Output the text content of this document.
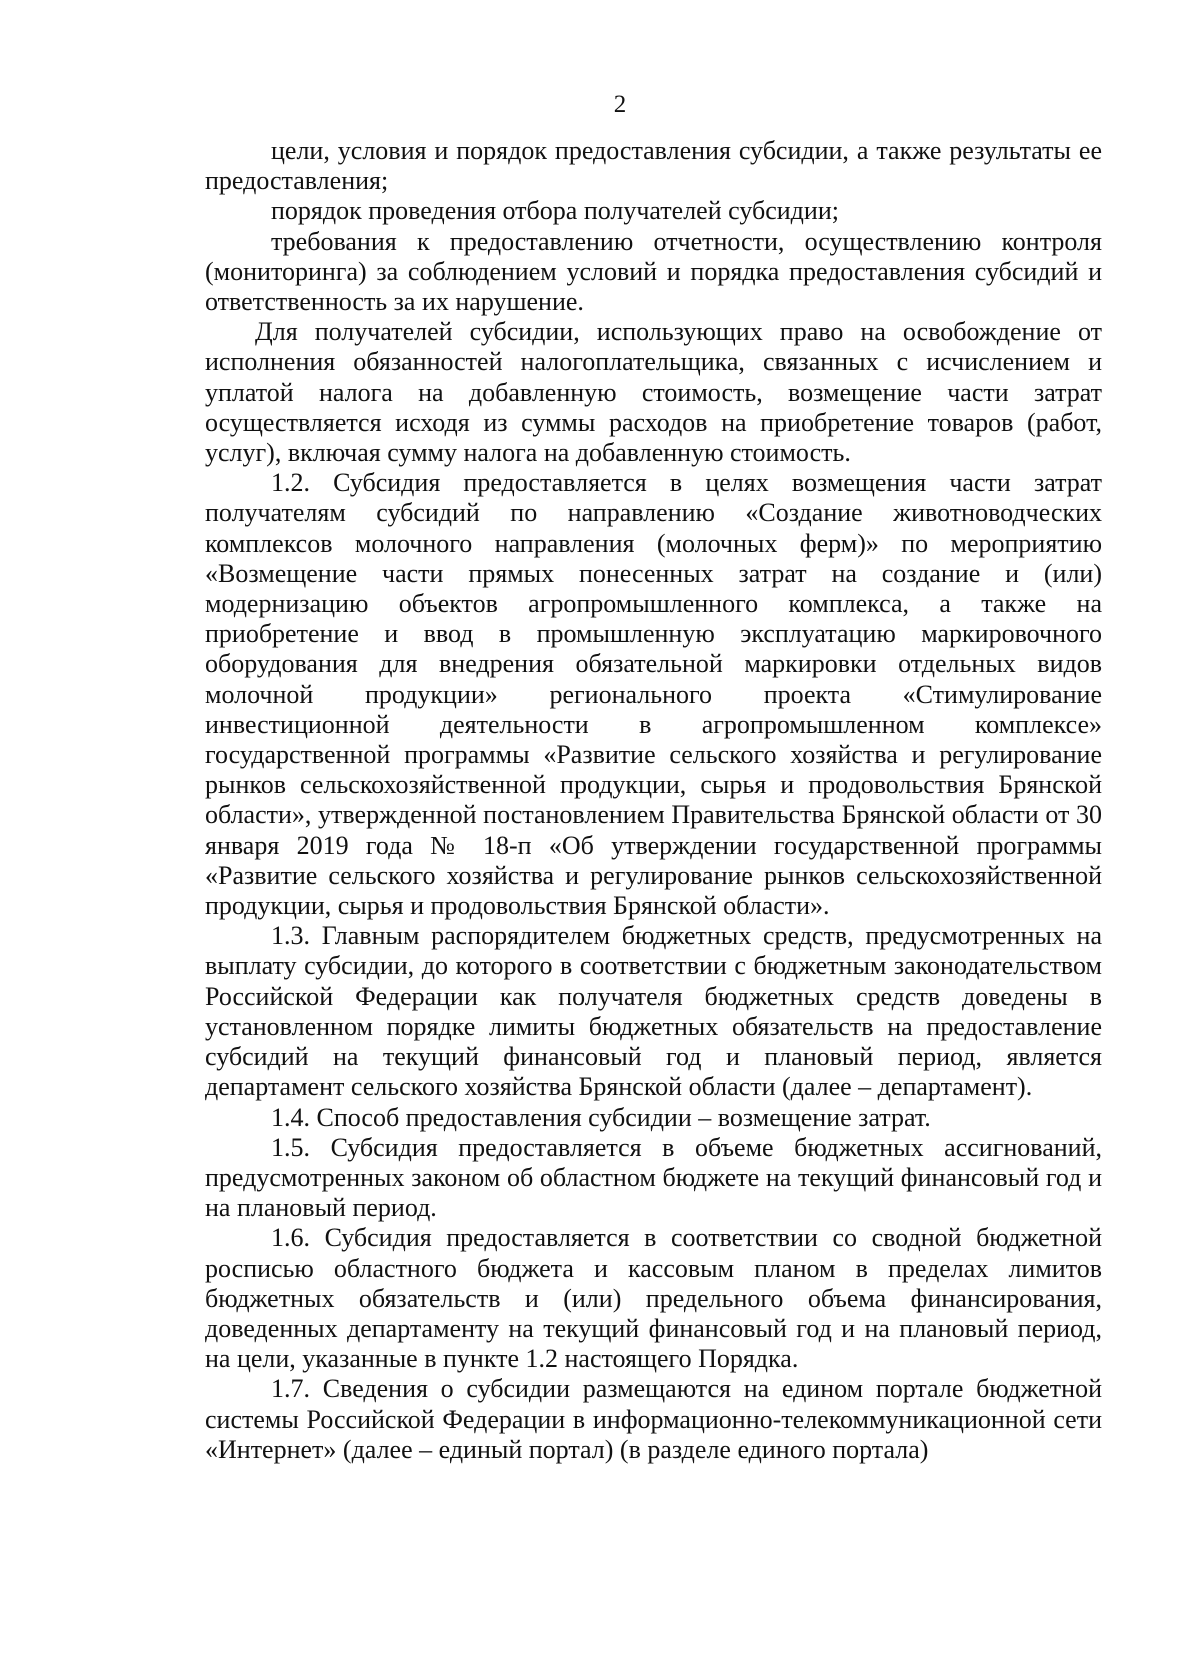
2

цели, условия и порядок предоставления субсидии, а также результаты ее предоставления;

порядок проведения отбора получателей субсидии;

требования к предоставлению отчетности, осуществлению контроля (мониторинга) за соблюдением условий и порядка предоставления субсидий и ответственность за их нарушение.

Для получателей субсидии, использующих право на освобождение от исполнения обязанностей налогоплательщика, связанных с исчислением и уплатой налога на добавленную стоимость, возмещение части затрат осуществляется исходя из суммы расходов на приобретение товаров (работ, услуг), включая сумму налога на добавленную стоимость.

1.2. Субсидия предоставляется в целях возмещения части затрат получателям субсидий по направлению «Создание животноводческих комплексов молочного направления (молочных ферм)» по мероприятию «Возмещение части прямых понесенных затрат на создание и (или) модернизацию объектов агропромышленного комплекса, а также на приобретение и ввод в промышленную эксплуатацию маркировочного оборудования для внедрения обязательной маркировки отдельных видов молочной продукции» регионального проекта «Стимулирование инвестиционной деятельности в агропромышленном комплексе» государственной программы «Развитие сельского хозяйства и регулирование рынков сельскохозяйственной продукции, сырья и продовольствия Брянской области», утвержденной постановлением Правительства Брянской области от 30 января 2019 года № 18-п «Об утверждении государственной программы «Развитие сельского хозяйства и регулирование рынков сельскохозяйственной продукции, сырья и продовольствия Брянской области».

1.3. Главным распорядителем бюджетных средств, предусмотренных на выплату субсидии, до которого в соответствии с бюджетным законодательством Российской Федерации как получателя бюджетных средств доведены в установленном порядке лимиты бюджетных обязательств на предоставление субсидий на текущий финансовый год и плановый период, является департамент сельского хозяйства Брянской области (далее – департамент).

1.4. Способ предоставления субсидии – возмещение затрат.

1.5. Субсидия предоставляется в объеме бюджетных ассигнований, предусмотренных законом об областном бюджете на текущий финансовый год и на плановый период.

1.6. Субсидия предоставляется в соответствии со сводной бюджетной росписью областного бюджета и кассовым планом в пределах лимитов бюджетных обязательств и (или) предельного объема финансирования, доведенных департаменту на текущий финансовый год и на плановый период, на цели, указанные в пункте 1.2 настоящего Порядка.

1.7. Сведения о субсидии размещаются на едином портале бюджетной системы Российской Федерации в информационно-телекоммуникационной сети «Интернет» (далее – единый портал) (в разделе единого портала)
